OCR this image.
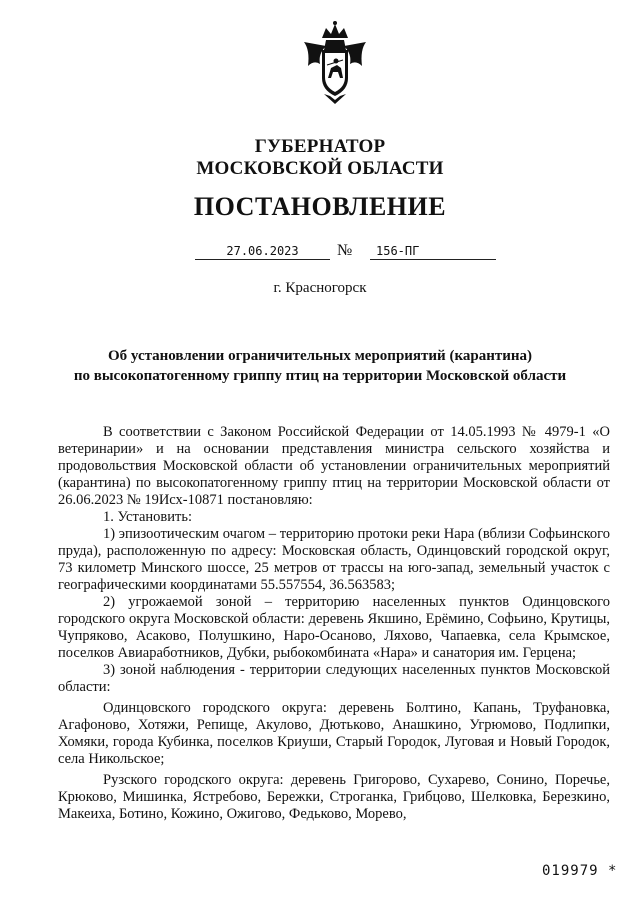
ГУБЕРНАТОР
МОСКОВСКОЙ ОБЛАСТИ
ПОСТАНОВЛЕНИЕ
27.06.2023	№	156-ПГ
г. Красногорск
Об установлении ограничительных мероприятий (карантина)
по высокопатогенному гриппу птиц на территории Московской области

В соответствии с Законом Российской Федерации от 14.05.1993 № 4979-1 «О ветеринарии» и на основании представления министра сельского хозяйства и продовольствия Московской области об установлении ограничительных мероприятий (карантина) по высокопатогенному гриппу птиц на территории Московской области от 26.06.2023 № 19Исх-10871 постановляю:

1. Установить:

1) эпизоотическим очагом – территорию протоки реки Нара (вблизи Софьинского пруда), расположенную по адресу: Московская область, Одинцовский городской округ, 73 километр Минского шоссе, 25 метров от трассы на юго-запад, земельный участок с географическими координатами 55.557554, 36.563583;

2) угрожаемой зоной – территорию населенных пунктов Одинцовского городского округа Московской области: деревень Якшино, Ерёмино, Софьино, Крутицы, Чупряково, Асаково, Полушкино, Наро-Осаново, Ляхово, Чапаевка, села Крымское, поселков Авиаработников, Дубки, рыбокомбината «Нара» и санатория им. Герцена;

3) зоной наблюдения - территории следующих населенных пунктов Московской области:

Одинцовского городского округа: деревень Болтино, Капань, Труфановка, Агафоново, Хотяжи, Репище, Акулово, Дютьково, Анашкино, Угрюмово, Подлипки, Хомяки, города Кубинка, поселков Криуши, Старый Городок, Луговая и Новый Городок, села Никольское;

Рузского городского округа: деревень Григорово, Сухарево, Сонино, Поречье, Крюково, Мишинка, Ястребово, Бережки, Строганка, Грибцово, Шелковка, Березкино, Макеиха, Ботино, Кожино, Ожигово, Федьково, Морево,

019979 *
